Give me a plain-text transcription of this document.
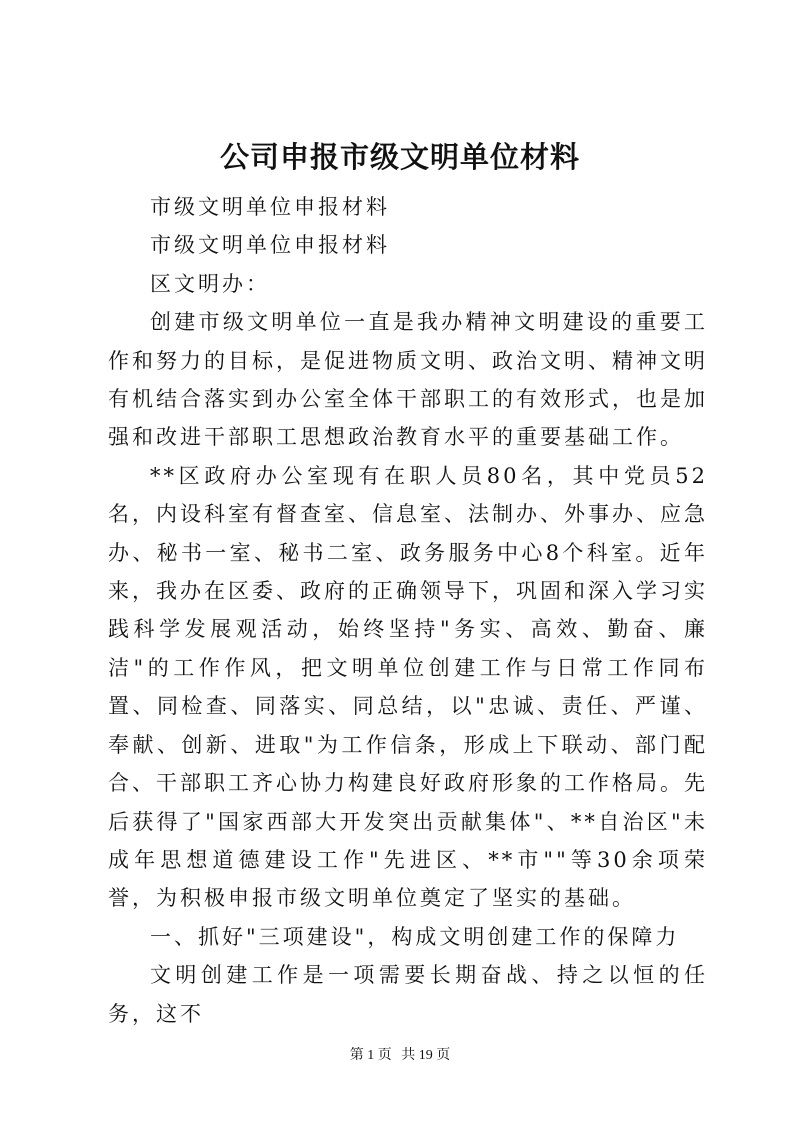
公司申报市级文明单位材料

市级文明单位申报材料

市级文明单位申报材料

区文明办：

创建市级文明单位一直是我办精神文明建设的重要工作和努力的目标，是促进物质文明、政治文明、精神文明有机结合落实到办公室全体干部职工的有效形式，也是加强和改进干部职工思想政治教育水平的重要基础工作。

**区政府办公室现有在职人员80名，其中党员52名，内设科室有督查室、信息室、法制办、外事办、应急办、秘书一室、秘书二室、政务服务中心8个科室。近年来，我办在区委、政府的正确领导下，巩固和深入学习实践科学发展观活动，始终坚持"务实、高效、勤奋、廉洁"的工作作风，把文明单位创建工作与日常工作同布置、同检查、同落实、同总结，以"忠诚、责任、严谨、奉献、创新、进取"为工作信条，形成上下联动、部门配合、干部职工齐心协力构建良好政府形象的工作格局。先后获得了"国家西部大开发突出贡献集体"、**自治区"未成年思想道德建设工作"先进区、**市""等30余项荣誉，为积极申报市级文明单位奠定了坚实的基础。

一、抓好"三项建设"，构成文明创建工作的保障力

文明创建工作是一项需要长期奋战、持之以恒的任务，这不

第 1 页 共 19 页
